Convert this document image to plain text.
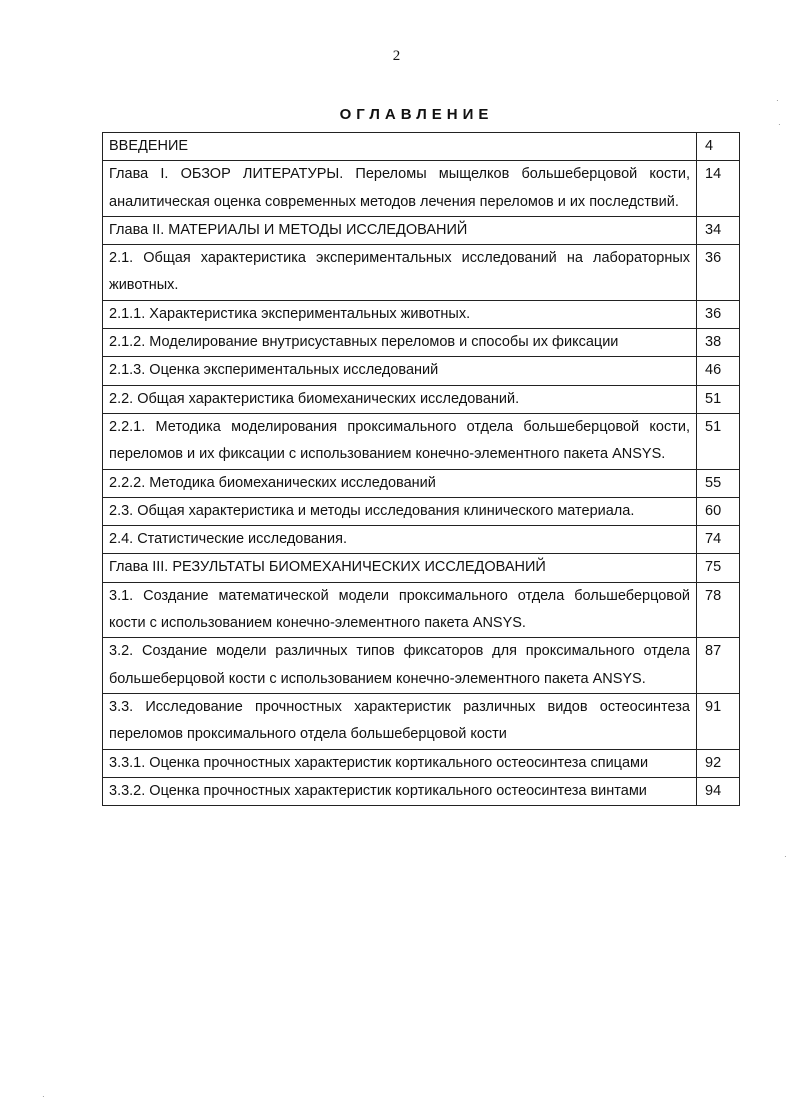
2
ОГЛАВЛЕНИЕ
ВВЕДЕНИЕ	4
Глава I. ОБЗОР ЛИТЕРАТУРЫ. Переломы мыщелков большеберцовой кости, аналитическая оценка современных методов лечения переломов и их последствий.	14
Глава II. МАТЕРИАЛЫ И МЕТОДЫ ИССЛЕДОВАНИЙ	34
2.1. Общая характеристика экспериментальных исследований на лабораторных животных.	36
2.1.1. Характеристика экспериментальных животных.	36
2.1.2. Моделирование внутрисуставных переломов и способы их фиксации	38
2.1.3. Оценка экспериментальных исследований	46
2.2. Общая характеристика биомеханических исследований.	51
2.2.1. Методика моделирования проксимального отдела большеберцовой кости, переломов и их фиксации с использованием конечно-элементного пакета ANSYS.	51
2.2.2. Методика биомеханических исследований	55
2.3. Общая характеристика и методы исследования клинического материала.	60
2.4. Статистические исследования.	74
Глава III. РЕЗУЛЬТАТЫ БИОМЕХАНИЧЕСКИХ ИССЛЕДОВАНИЙ	75
3.1. Создание математической модели проксимального отдела большеберцовой кости с использованием конечно-элементного пакета ANSYS.	78
3.2. Создание модели различных типов фиксаторов для проксимального отдела большеберцовой кости с использованием конечно-элементного пакета ANSYS.	87
3.3. Исследование прочностных характеристик различных видов остеосинтеза переломов проксимального отдела большеберцовой кости	91
3.3.1. Оценка прочностных характеристик кортикального остеосинтеза спицами	92
3.3.2. Оценка прочностных характеристик кортикального остеосинтеза винтами	94
·
·
·
·
